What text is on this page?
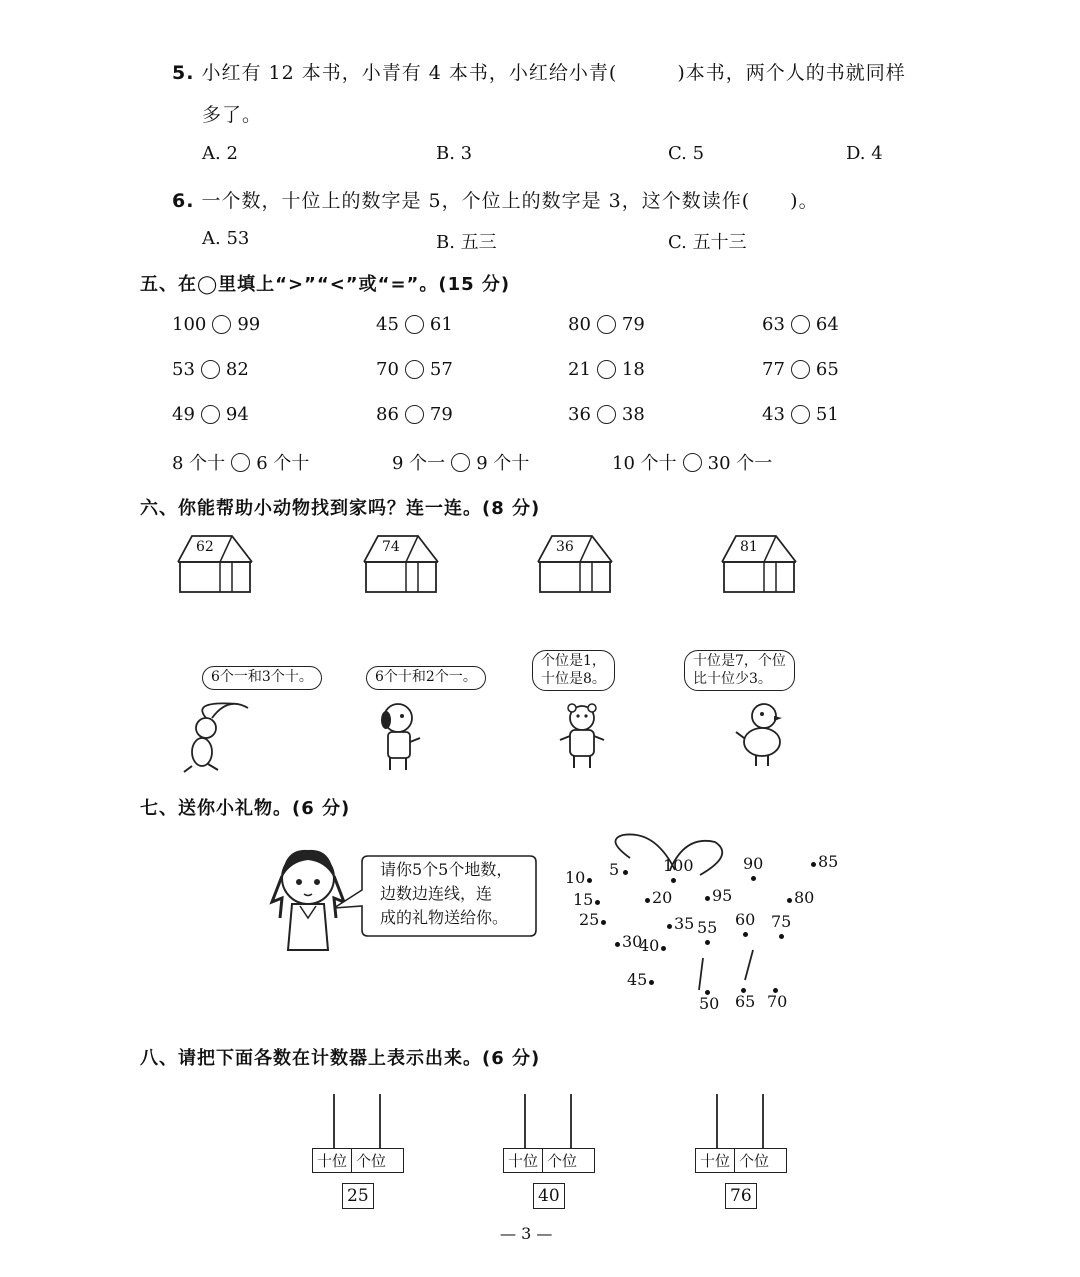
5. 小红有 12 本书，小青有 4 本书，小红给小青(　　　)本书，两个人的书就同样
多了。
A. 2	B. 3	C. 5	D. 4
6. 一个数，十位上的数字是 5，个位上的数字是 3，这个数读作(　　)。
A. 53	B. 五三	C. 五十三
五、在◯里填上“>”“<”或“=”。(15 分)
100 99	45 61	80 79	63 64
53 82	70 57	21 18	77 65
49 94	86 79	36 38	43 51
8 个十 6 个十	9 个一 9 个十	10 个十 30 个一
六、你能帮助小动物找到家吗？连一连。(8 分)
62	74	36	81
6个一和3个十。	6个十和2个一。
个位是1，
十位是8。
十位是7，个位
比十位少3。
七、送你小礼物。(6 分)
请你5个5个地数，
边数边连线，连
成的礼物送给你。
5
10
15	20
25
30
35
40
45
50
55 60
65 70
75
80
85
90
95
100
八、请把下面各数在计数器上表示出来。(6 分)
十位 个位
25
十位 个位
40
十位 个位
76
— 3 —
